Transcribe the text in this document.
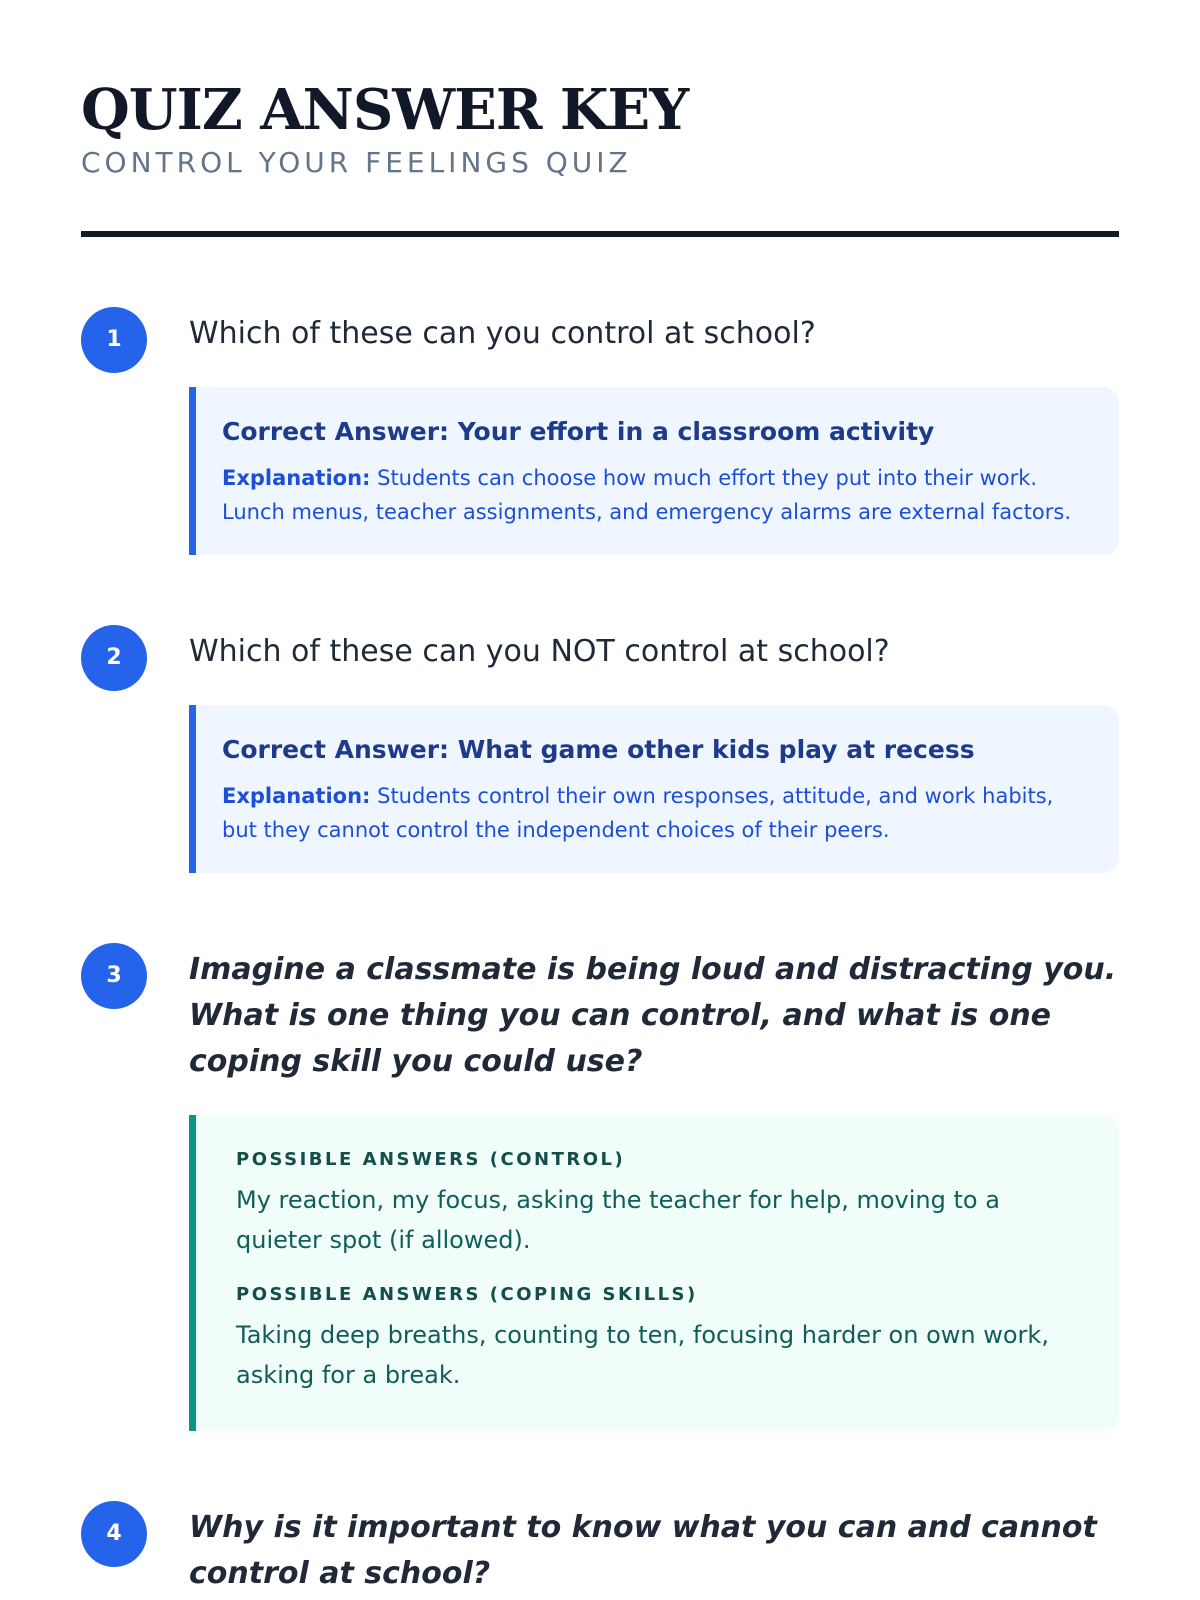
QUIZ ANSWER KEY
CONTROL YOUR FEELINGS QUIZ
1	Which of these can you control at school?

Correct Answer: Your effort in a classroom activity
Explanation: Students can choose how much effort they put into their work. Lunch menus, teacher assignments, and emergency alarms are external factors.
2	Which of these can you NOT control at school?

Correct Answer: What game other kids play at recess
Explanation: Students control their own responses, attitude, and work habits, but they cannot control the independent choices of their peers.
3	Imagine a classmate is being loud and distracting you. What is one thing you can control, and what is one coping skill you could use?

POSSIBLE ANSWERS (CONTROL)
My reaction, my focus, asking the teacher for help, moving to a quieter spot (if allowed).
POSSIBLE ANSWERS (COPING SKILLS)
Taking deep breaths, counting to ten, focusing harder on own work, asking for a break.
4	Why is it important to know what you can and cannot control at school?
